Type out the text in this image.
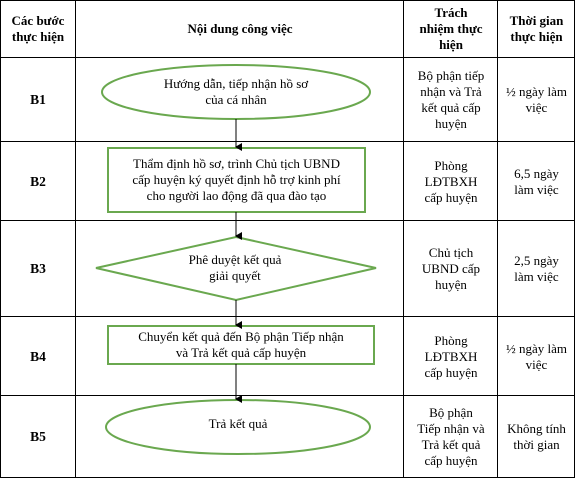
Các bước
thực hiện
Nội dung công việc
Trách
nhiệm thực
hiện
Thời gian
thực hiện
B1
Hướng dẫn, tiếp nhận hồ sơ
của cá nhân
Bộ phận tiếp
nhận và Trả
kết quả cấp
huyện
½ ngày làm
việc
B2
Thẩm định hồ sơ, trình Chủ tịch UBND
cấp huyện ký quyết định hỗ trợ kinh phí
cho người lao động đã qua đào tạo
Phòng
LĐTBXH
cấp huyện
6,5 ngày
làm việc
B3
Phê duyệt kết quả
giải quyết
Chủ tịch
UBND cấp
huyện
2,5 ngày
làm việc
B4
Chuyển kết quả đến Bộ phận Tiếp nhận
và Trả kết quả cấp huyện
Phòng
LĐTBXH
cấp huyện
½ ngày làm
việc
B5
Trả kết quả
Bộ phận
Tiếp nhận và
Trả kết quả
cấp huyện
Không tính
thời gian
